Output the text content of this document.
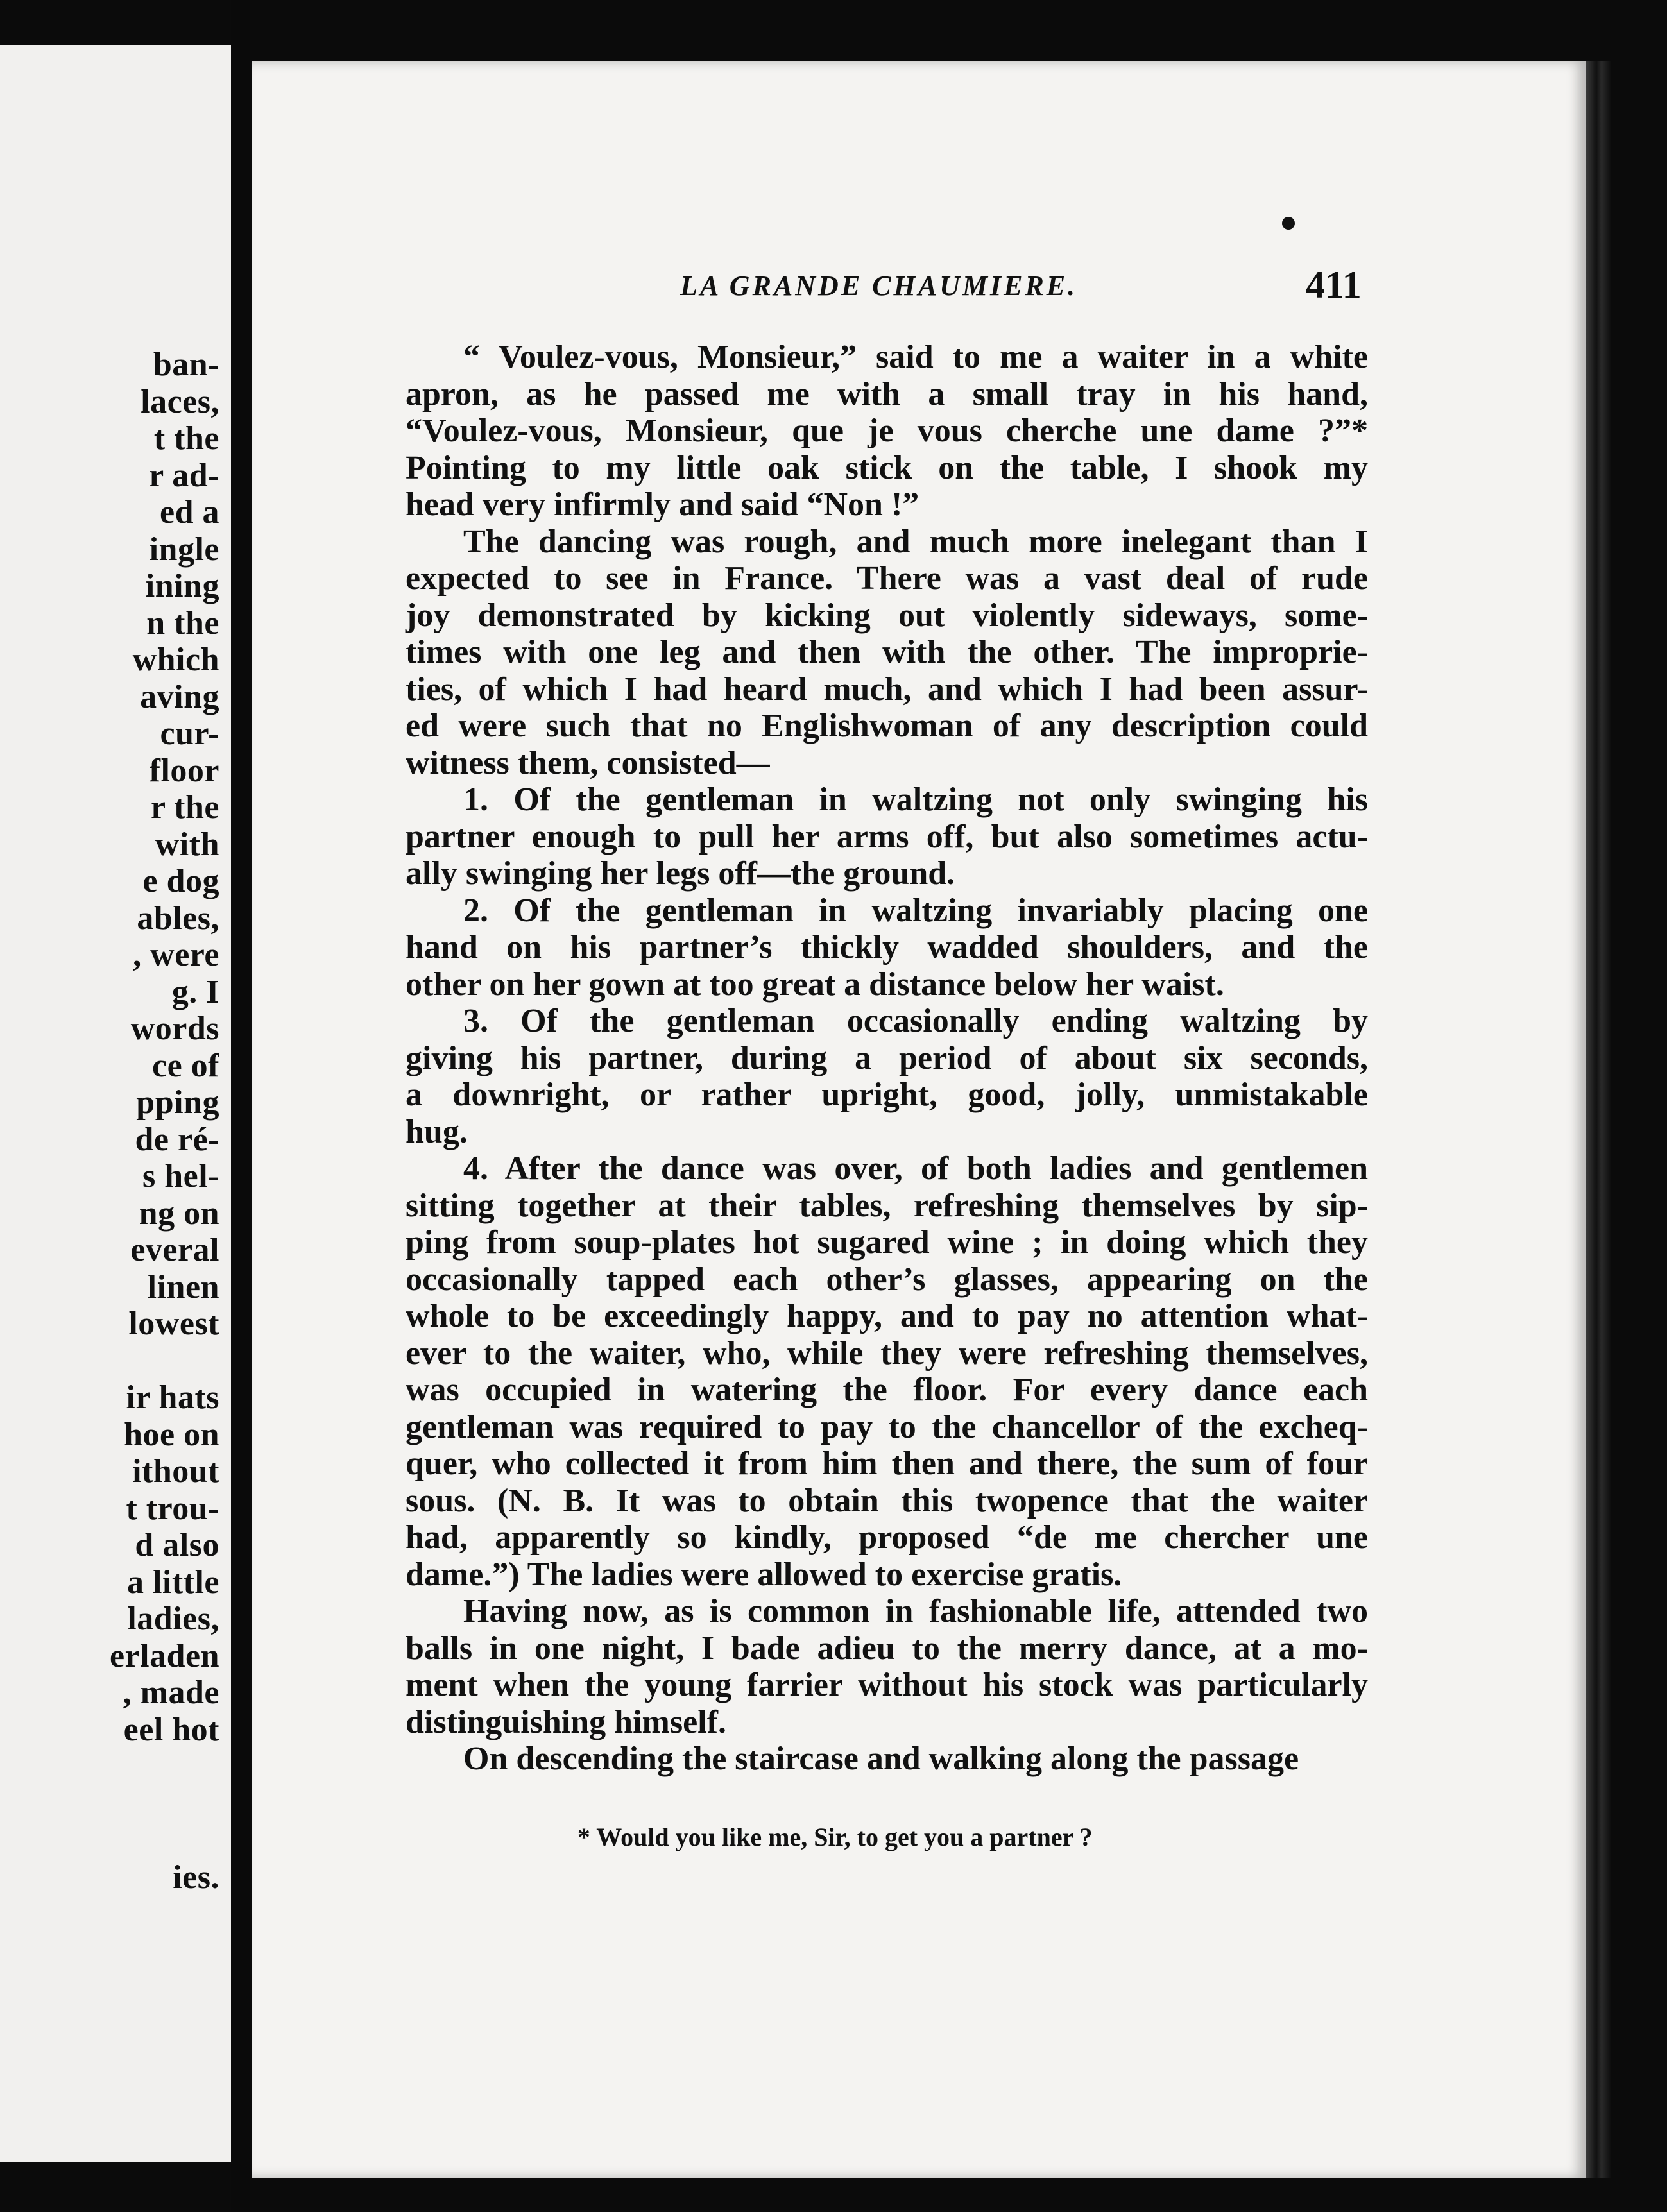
ban-
laces,
t the
r ad-
ed a
ingle
ining
n the
which
aving
cur-
floor
r the
with
e dog
ables,
, were
g. I
words
ce of
pping
de ré-
s hel-
ng on
everal
linen
lowest
ir hats
hoe on
ithout
t trou-
d also
a little
ladies,
erladen
, made
eel hot
ies.
LA GRANDE CHAUMIERE.	411
“ Voulez-vous, Monsieur,” said to me a waiter in a white
apron, as he passed me with a small tray in his hand,
“Voulez-vous, Monsieur, que je vous cherche une dame ?”*
Pointing to my little oak stick on the table, I shook my
head very infirmly and said “Non !”
The dancing was rough, and much more inelegant than I
expected to see in France. There was a vast deal of rude
joy demonstrated by kicking out violently sideways, some-
times with one leg and then with the other. The improprie-
ties, of which I had heard much, and which I had been assur-
ed were such that no Englishwoman of any description could
witness them, consisted—
1. Of the gentleman in waltzing not only swinging his
partner enough to pull her arms off, but also sometimes actu-
ally swinging her legs off—the ground.
2. Of the gentleman in waltzing invariably placing one
hand on his partner’s thickly wadded shoulders, and the
other on her gown at too great a distance below her waist.
3. Of the gentleman occasionally ending waltzing by
giving his partner, during a period of about six seconds,
a downright, or rather upright, good, jolly, unmistakable
hug.
4. After the dance was over, of both ladies and gentlemen
sitting together at their tables, refreshing themselves by sip-
ping from soup-plates hot sugared wine ; in doing which they
occasionally tapped each other’s glasses, appearing on the
whole to be exceedingly happy, and to pay no attention what-
ever to the waiter, who, while they were refreshing themselves,
was occupied in watering the floor. For every dance each
gentleman was required to pay to the chancellor of the excheq-
quer, who collected it from him then and there, the sum of four
sous. (N. B. It was to obtain this twopence that the waiter
had, apparently so kindly, proposed “de me chercher une
dame.”) The ladies were allowed to exercise gratis.
Having now, as is common in fashionable life, attended two
balls in one night, I bade adieu to the merry dance, at a mo-
ment when the young farrier without his stock was particularly
distinguishing himself.
On descending the staircase and walking along the passage
* Would you like me, Sir, to get you a partner ?
